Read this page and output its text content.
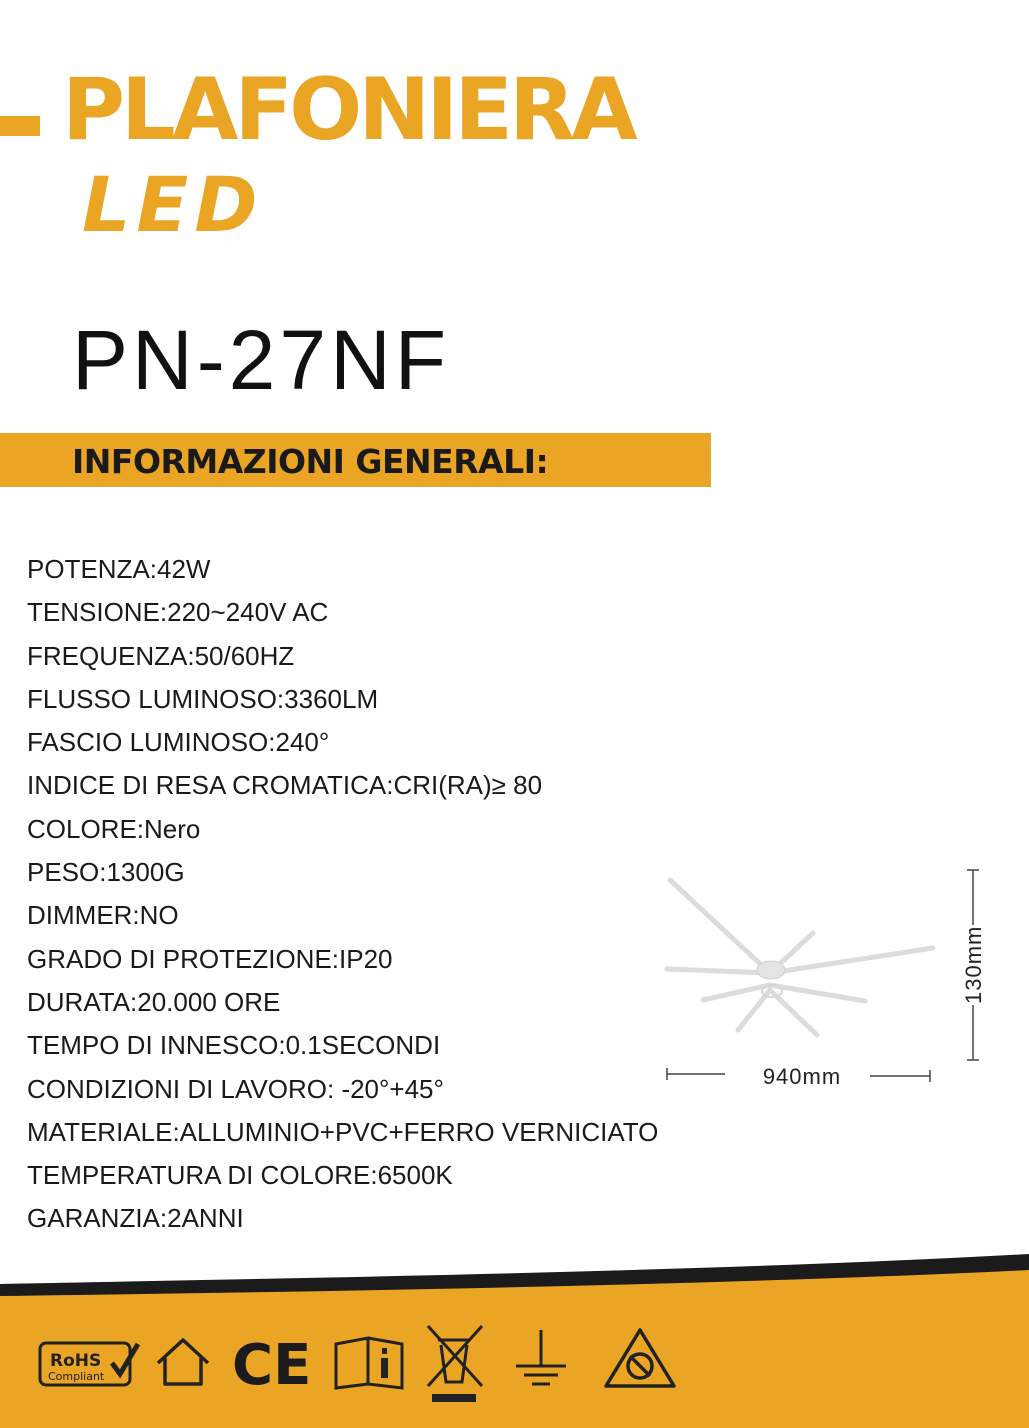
PLAFONIERA
LED
PN-27NF
INFORMAZIONI GENERALI:
POTENZA:42W
TENSIONE:220~240V AC
FREQUENZA:50/60HZ
FLUSSO LUMINOSO:3360LM
FASCIO LUMINOSO:240°
INDICE DI RESA CROMATICA:CRI(RA)≥ 80
COLORE:Nero
PESO:1300G
DIMMER:NO
GRADO DI PROTEZIONE:IP20
DURATA:20.000 ORE
TEMPO DI INNESCO:0.1SECONDI
CONDIZIONI DI LAVORO: -20°+45°
MATERIALE:ALLUMINIO+PVC+FERRO VERNICIATO
TEMPERATURA DI COLORE:6500K
GARANZIA:2ANNI
940mm
130mm
RoHS
Compliant CE
